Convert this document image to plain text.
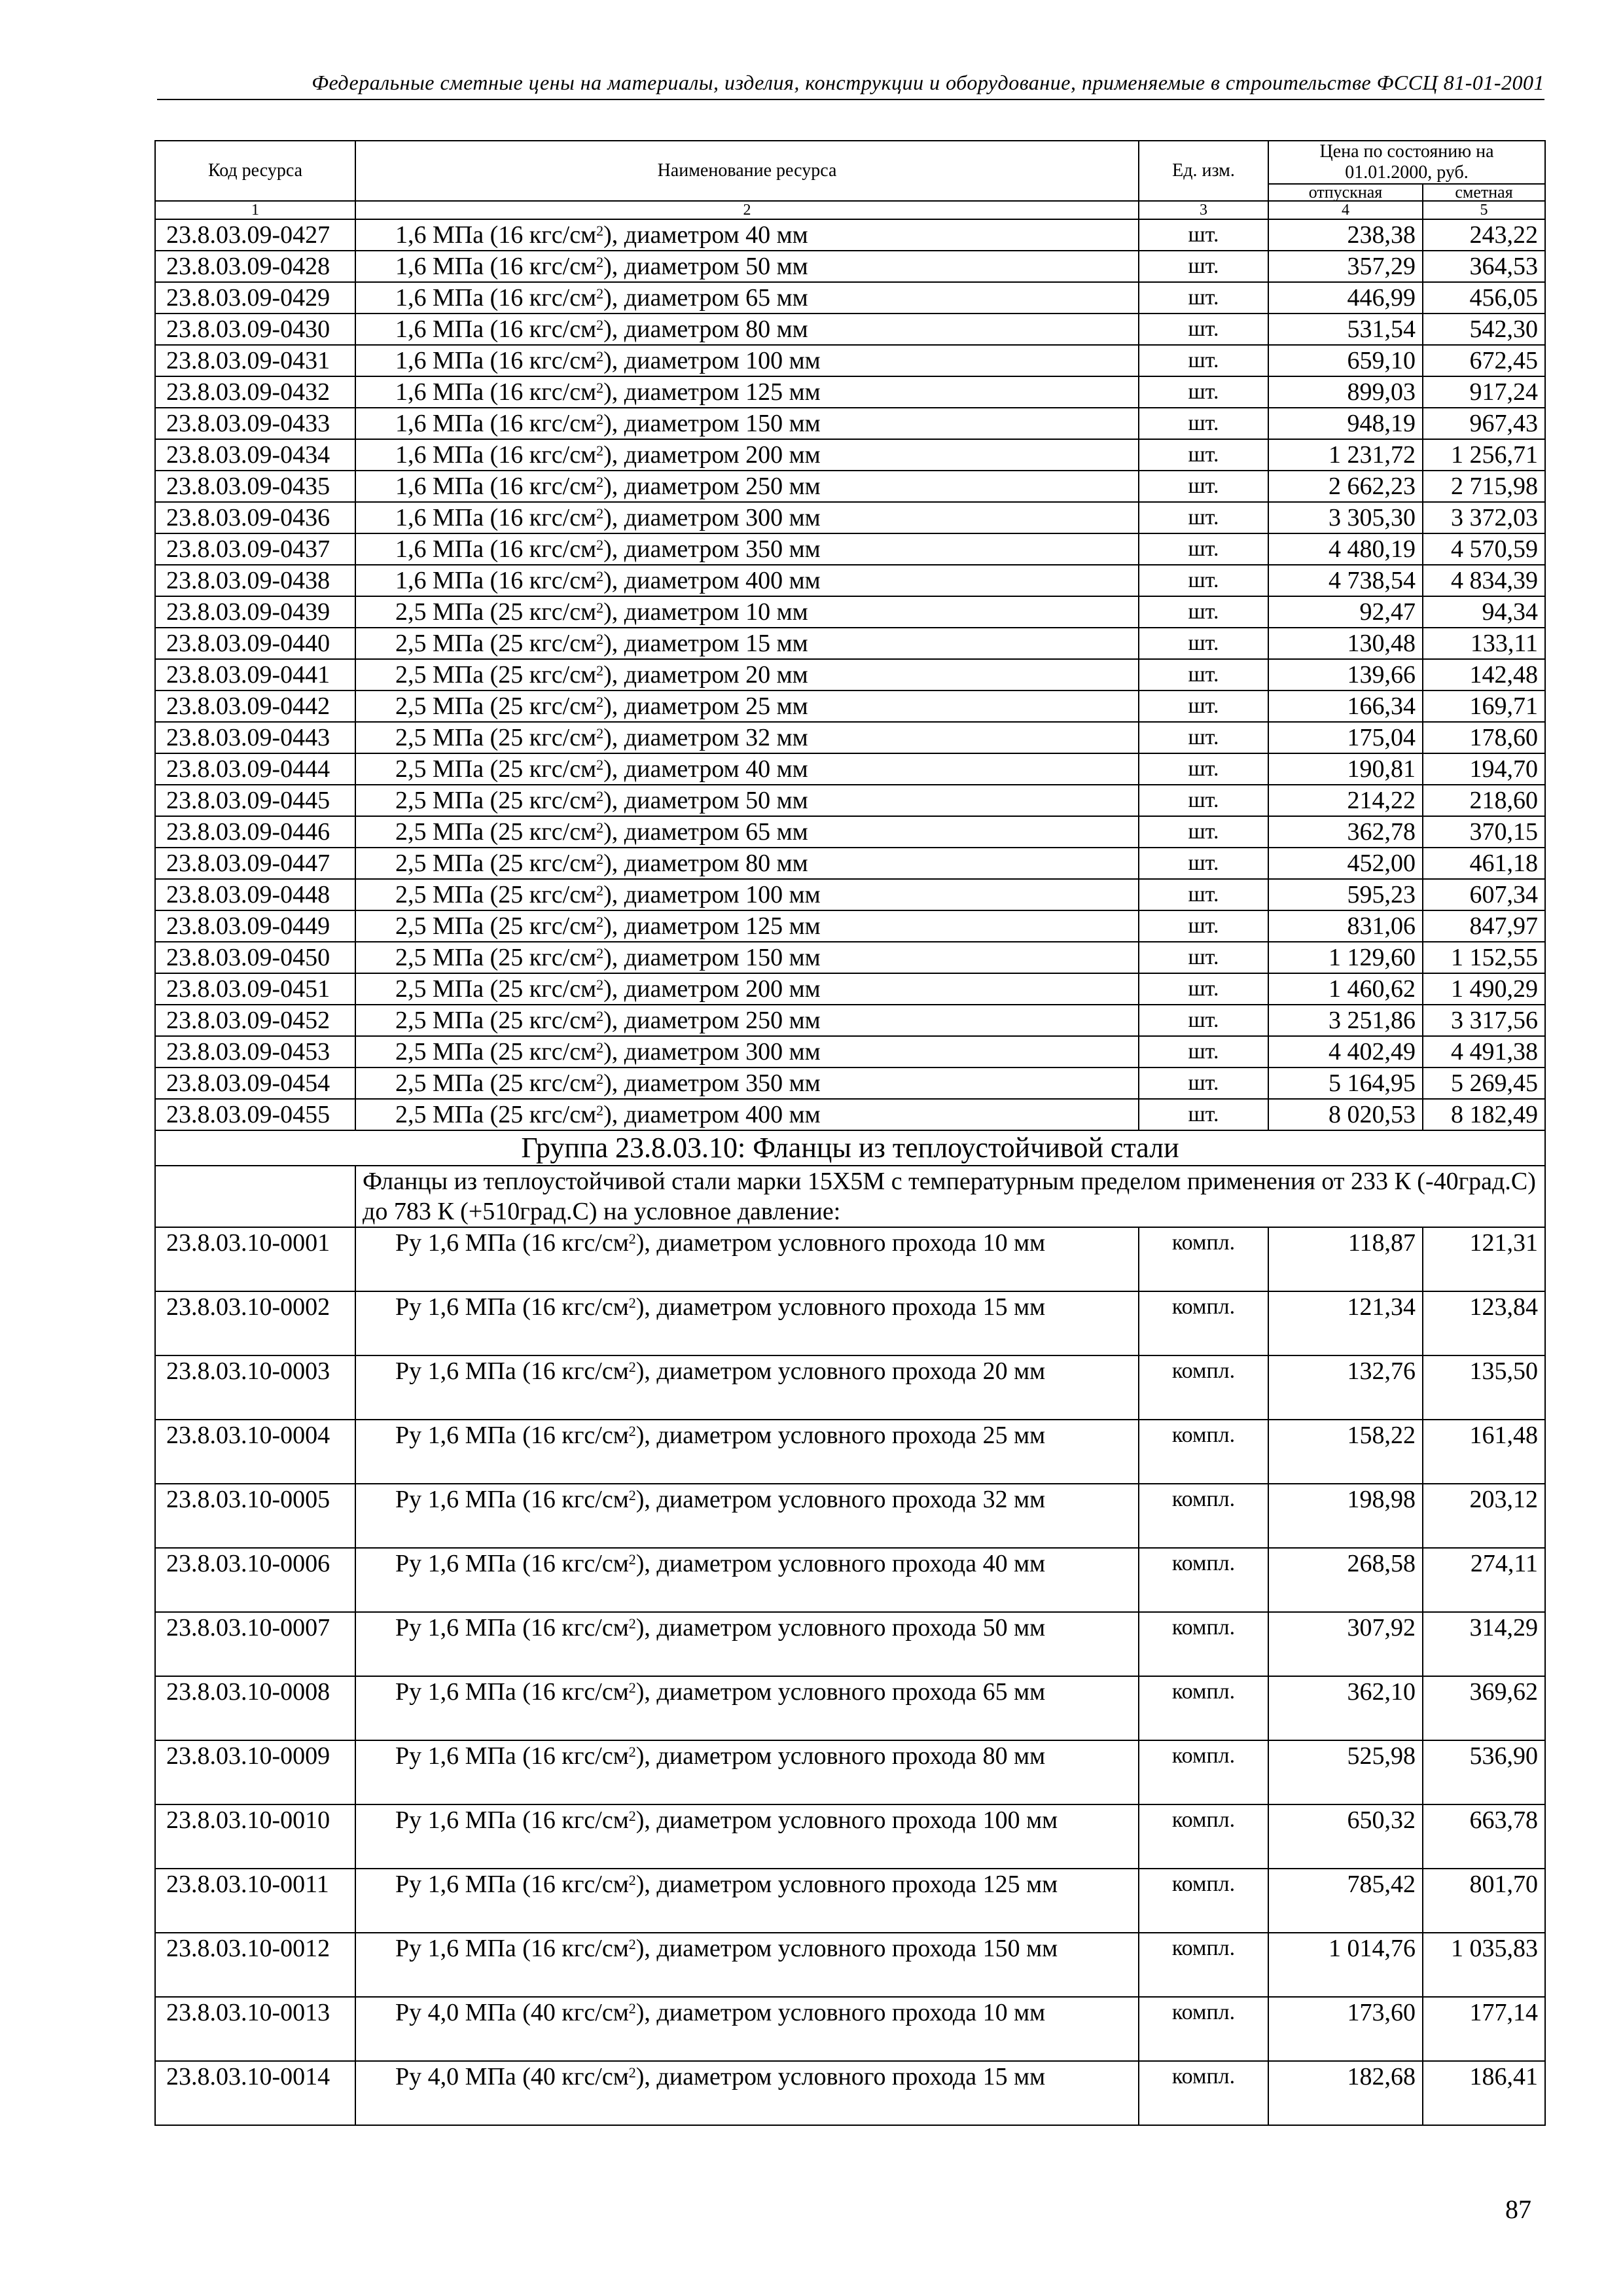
Федеральные сметные цены на материалы, изделия, конструкции и оборудование, применяемые в строительстве ФССЦ 81-01-2001
Код ресурса	Наименование ресурса	Ед. изм.	Цена по состоянию на 01.01.2000, руб.	
			отпускная	сметная
1	2	3	4	5
23.8.03.09-0427	1,6 МПа (16 кгс/$см^2$), диаметром 40 мм	шт.	238,38	243,22
23.8.03.09-0428	1,6 МПа (16 кгс/$см^2$), диаметром 50 мм	шт.	357,29	364,53
23.8.03.09-0429	1,6 МПа (16 кгс/$см^2$), диаметром 65 мм	шт.	446,99	456,05
23.8.03.09-0430	1,6 МПа (16 кгс/$см^2$), диаметром 80 мм	шт.	531,54	542,30
23.8.03.09-0431	1,6 МПа (16 кгс/$см^2$), диаметром 100 мм	шт.	659,10	672,45
23.8.03.09-0432	1,6 МПа (16 кгс/$см^2$), диаметром 125 мм	шт.	899,03	917,24
23.8.03.09-0433	1,6 МПа (16 кгс/$см^2$), диаметром 150 мм	шт.	948,19	967,43
23.8.03.09-0434	1,6 МПа (16 кгс/$см^2$), диаметром 200 мм	шт.	1 231,72	1 256,71
23.8.03.09-0435	1,6 МПа (16 кгс/$см^2$), диаметром 250 мм	шт.	2 662,23	2 715,98
23.8.03.09-0436	1,6 МПа (16 кгс/$см^2$), диаметром 300 мм	шт.	3 305,30	3 372,03
23.8.03.09-0437	1,6 МПа (16 кгс/$см^2$), диаметром 350 мм	шт.	4 480,19	4 570,59
23.8.03.09-0438	1,6 МПа (16 кгс/$см^2$), диаметром 400 мм	шт.	4 738,54	4 834,39
23.8.03.09-0439	2,5 МПа (25 кгс/$см^2$), диаметром 10 мм	шт.	92,47	94,34
23.8.03.09-0440	2,5 МПа (25 кгс/$см^2$), диаметром 15 мм	шт.	130,48	133,11
23.8.03.09-0441	2,5 МПа (25 кгс/$см^2$), диаметром 20 мм	шт.	139,66	142,48
23.8.03.09-0442	2,5 МПа (25 кгс/$см^2$), диаметром 25 мм	шт.	166,34	169,71
23.8.03.09-0443	2,5 МПа (25 кгс/$см^2$), диаметром 32 мм	шт.	175,04	178,60
23.8.03.09-0444	2,5 МПа (25 кгс/$см^2$), диаметром 40 мм	шт.	190,81	194,70
23.8.03.09-0445	2,5 МПа (25 кгс/$см^2$), диаметром 50 мм	шт.	214,22	218,60
23.8.03.09-0446	2,5 МПа (25 кгс/$см^2$), диаметром 65 мм	шт.	362,78	370,15
23.8.03.09-0447	2,5 МПа (25 кгс/$см^2$), диаметром 80 мм	шт.	452,00	461,18
23.8.03.09-0448	2,5 МПа (25 кгс/$см^2$), диаметром 100 мм	шт.	595,23	607,34
23.8.03.09-0449	2,5 МПа (25 кгс/$см^2$), диаметром 125 мм	шт.	831,06	847,97
23.8.03.09-0450	2,5 МПа (25 кгс/$см^2$), диаметром 150 мм	шт.	1 129,60	1 152,55
23.8.03.09-0451	2,5 МПа (25 кгс/$см^2$), диаметром 200 мм	шт.	1 460,62	1 490,29
23.8.03.09-0452	2,5 МПа (25 кгс/$см^2$), диаметром 250 мм	шт.	3 251,86	3 317,56
23.8.03.09-0453	2,5 МПа (25 кгс/$см^2$), диаметром 300 мм	шт.	4 402,49	4 491,38
23.8.03.09-0454	2,5 МПа (25 кгс/$см^2$), диаметром 350 мм	шт.	5 164,95	5 269,45
23.8.03.09-0455	2,5 МПа (25 кгс/$см^2$), диаметром 400 мм	шт.	8 020,53	8 182,49
Группа 23.8.03.10: Фланцы из теплоустойчивой стали				
	Фланцы из теплоустойчивой стали марки 15Х5М с температурным пределом применения от 233 К (-40град.С) до 783 К (+510град.С) на условное давление:			
23.8.03.10-0001	Ру 1,6 МПа (16 кгс/$см^2$), диаметром условного прохода 10 мм	компл.	118,87	121,31
23.8.03.10-0002	Ру 1,6 МПа (16 кгс/$см^2$), диаметром условного прохода 15 мм	компл.	121,34	123,84
23.8.03.10-0003	Ру 1,6 МПа (16 кгс/$см^2$), диаметром условного прохода 20 мм	компл.	132,76	135,50
23.8.03.10-0004	Ру 1,6 МПа (16 кгс/$см^2$), диаметром условного прохода 25 мм	компл.	158,22	161,48
23.8.03.10-0005	Ру 1,6 МПа (16 кгс/$см^2$), диаметром условного прохода 32 мм	компл.	198,98	203,12
23.8.03.10-0006	Ру 1,6 МПа (16 кгс/$см^2$), диаметром условного прохода 40 мм	компл.	268,58	274,11
23.8.03.10-0007	Ру 1,6 МПа (16 кгс/$см^2$), диаметром условного прохода 50 мм	компл.	307,92	314,29
23.8.03.10-0008	Ру 1,6 МПа (16 кгс/$см^2$), диаметром условного прохода 65 мм	компл.	362,10	369,62
23.8.03.10-0009	Ру 1,6 МПа (16 кгс/$см^2$), диаметром условного прохода 80 мм	компл.	525,98	536,90
23.8.03.10-0010	Ру 1,6 МПа (16 кгс/$см^2$), диаметром условного прохода 100 мм	компл.	650,32	663,78
23.8.03.10-0011	Ру 1,6 МПа (16 кгс/$см^2$), диаметром условного прохода 125 мм	компл.	785,42	801,70
23.8.03.10-0012	Ру 1,6 МПа (16 кгс/$см^2$), диаметром условного прохода 150 мм	компл.	1 014,76	1 035,83
23.8.03.10-0013	Ру 4,0 МПа (40 кгс/$см^2$), диаметром условного прохода 10 мм	компл.	173,60	177,14
23.8.03.10-0014	Ру 4,0 МПа (40 кгс/$см^2$), диаметром условного прохода 15 мм	компл.	182,68	186,41
87
